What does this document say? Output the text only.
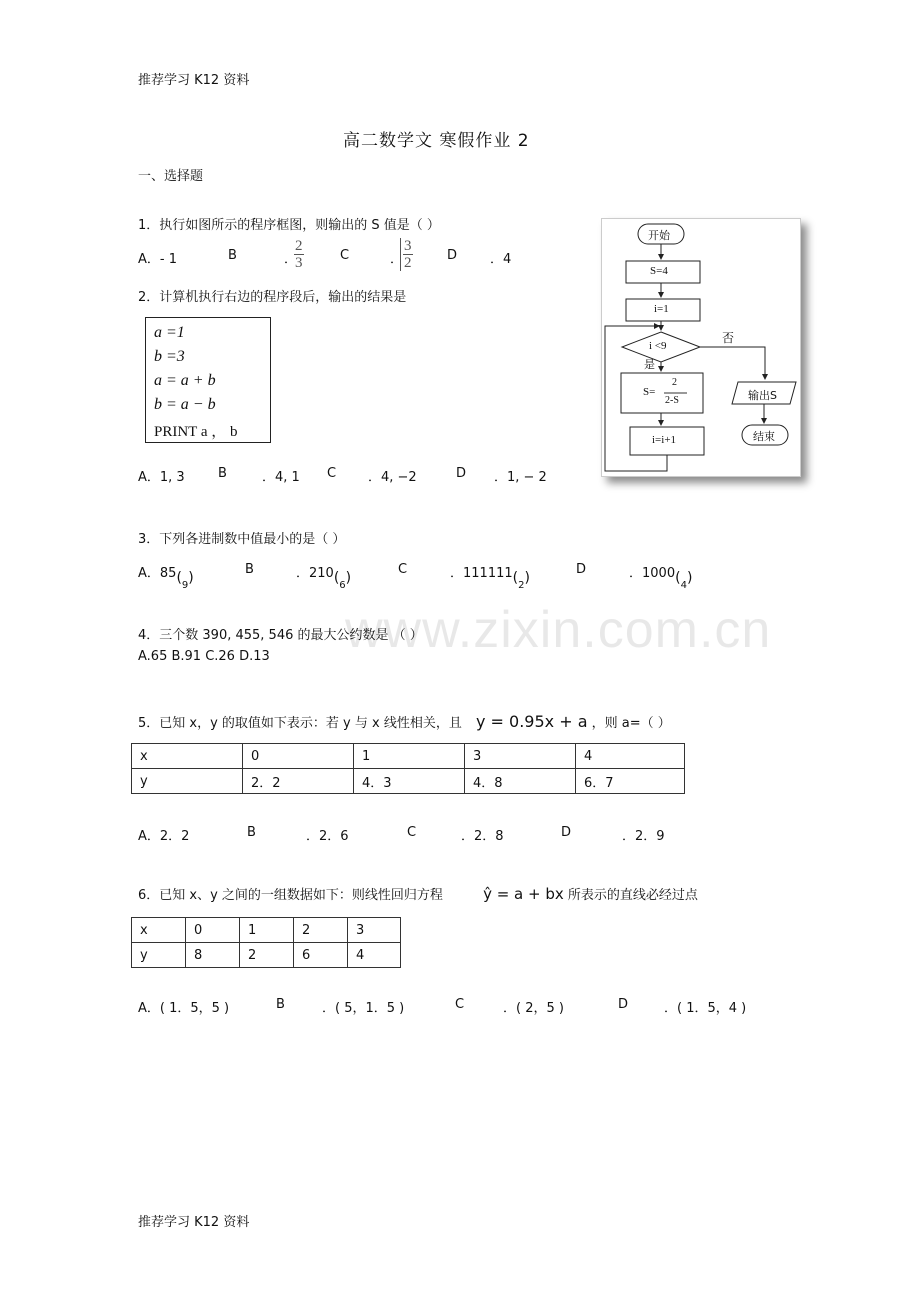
推荐学习 K12 资料
高二数学文 寒假作业 2
一、选择题
1．执行如图所示的程序框图，则输出的 S 值是（ ）
A．- 1	B	．
$\frac{2}{3}$	C	．
$\frac{3}{2}$	D	．4
开始
S=4
i=1
i <9
否
是
S=
2
2-S
i=i+1
输出S
结束
2．计算机执行右边的程序段后，输出的结果是
a =1
b =3
a = a + b
b = a − b
PRINT a ， b
A．1, 3	B	．4, 1 C ．4, −2	D ．1, − 2
3．下列各进制数中值最小的是（ ）
A．$85(_9)$
B	．$210(_6)$
C	．$111111(_2)$
D	．$1000(_4)$
www.zixin.com.cn
4．三个数 390, 455, 546 的最大公约数是 （ ）
A.65 B.91 C.26 D.13
5．已知 x，y 的取值如下表示：若 y 与 x 线性相关，且 y = 0.95x + a ，则 a=（ ）
x	0	1	3	4
y	2．2	4．3	4．8	6．7
A．2．2	B	．2．6	C	．2．8	D	．2．9
6．已知 x、y 之间的一组数据如下：则线性回归方程	ŷ = a + bx 所表示的直线必经过点
x	0	1	2	3
y	8	2	6	4
A．( 1．5，5 )	B	．( 5，1．5 )	C	．( 2，5 )	D	．( 1．5，4 )
推荐学习 K12 资料
